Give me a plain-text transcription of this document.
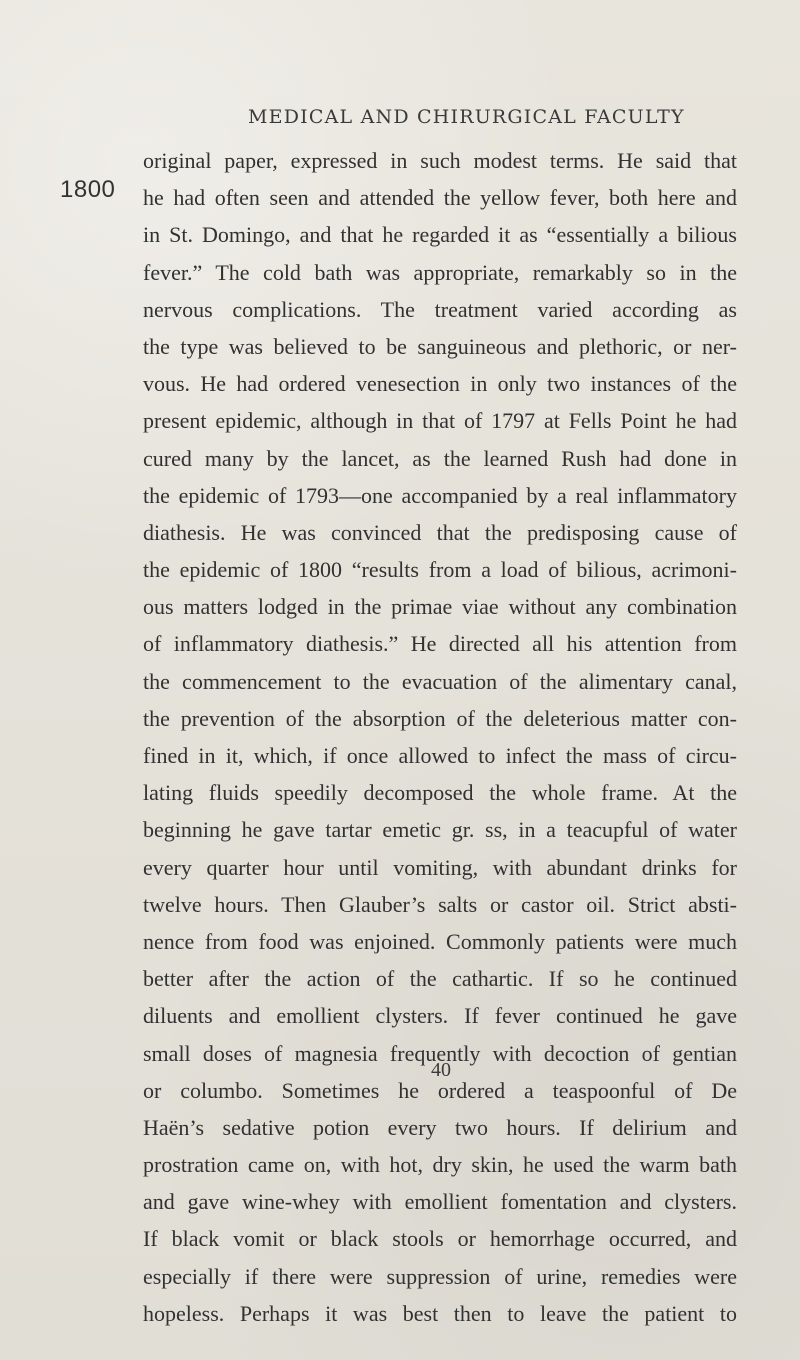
MEDICAL AND CHIRURGICAL FACULTY
1800
original paper, expressed in such modest terms. He said that
he had often seen and attended the yellow fever, both here and
in St. Domingo, and that he regarded it as “essentially a bilious
fever.” The cold bath was appropriate, remarkably so in the
nervous complications. The treatment varied according as
the type was believed to be sanguineous and plethoric, or ner-
vous. He had ordered venesection in only two instances of the
present epidemic, although in that of 1797 at Fells Point he had
cured many by the lancet, as the learned Rush had done in
the epidemic of 1793—one accompanied by a real inflammatory
diathesis. He was convinced that the predisposing cause of
the epidemic of 1800 “results from a load of bilious, acrimoni-
ous matters lodged in the primae viae without any combination
of inflammatory diathesis.” He directed all his attention from
the commencement to the evacuation of the alimentary canal,
the prevention of the absorption of the deleterious matter con-
fined in it, which, if once allowed to infect the mass of circu-
lating fluids speedily decomposed the whole frame. At the
beginning he gave tartar emetic gr. ss, in a teacupful of water
every quarter hour until vomiting, with abundant drinks for
twelve hours. Then Glauber’s salts or castor oil. Strict absti-
nence from food was enjoined. Commonly patients were much
better after the action of the cathartic. If so he continued
diluents and emollient clysters. If fever continued he gave
small doses of magnesia frequently with decoction of gentian
or columbo. Sometimes he ordered a teaspoonful of De
Haën’s sedative potion every two hours. If delirium and
prostration came on, with hot, dry skin, he used the warm bath
and gave wine-whey with emollient fomentation and clysters.
If black vomit or black stools or hemorrhage occurred, and
especially if there were suppression of urine, remedies were
hopeless. Perhaps it was best then to leave the patient to
40
